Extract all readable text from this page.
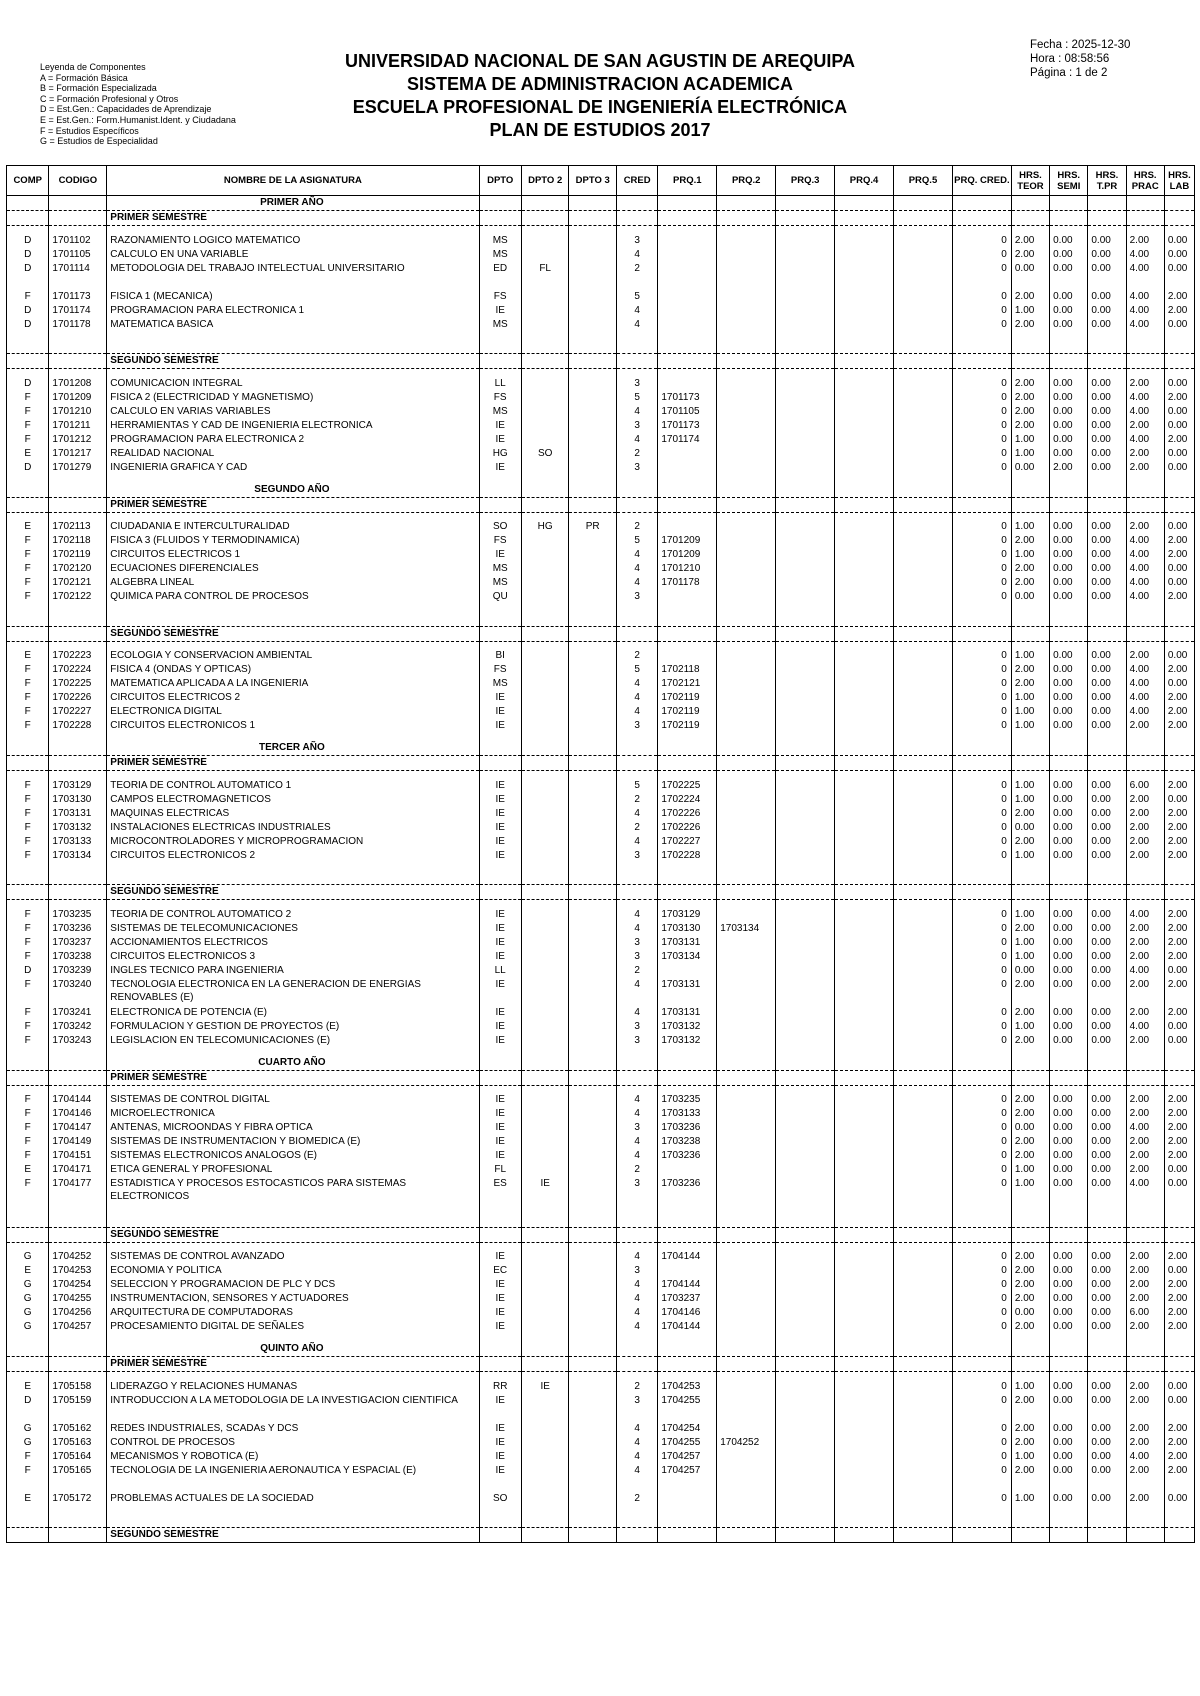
Leyenda de Componentes
A = Formación Básica
B = Formación Especializada
C = Formación Profesional y Otros
D = Est.Gen.: Capacidades de Aprendizaje
E = Est.Gen.: Form.Humanist.Ident. y Ciudadana
F = Estudios Específicos
G = Estudios de Especialidad
UNIVERSIDAD NACIONAL DE SAN AGUSTIN DE AREQUIPA
SISTEMA DE ADMINISTRACION ACADEMICA
ESCUELA PROFESIONAL DE INGENIERÍA ELECTRÓNICA
PLAN DE ESTUDIOS 2017
Fecha : 2025-12-30
Hora : 08:58:56
Página : 1 de 2
COMP	CODIGO	NOMBRE DE LA ASIGNATURA	DPTO	DPTO 2	DPTO 3	CRED	PRQ.1	PRQ.2	PRQ.3	PRQ.4	PRQ.5	PRQ. CRED.	HRS. TEOR	HRS. SEMI	HRS. T.PR	HRS. PRAC	HRS. LAB
		PRIMER AÑO															
		PRIMER SEMESTRE															

D	1701102	RAZONAMIENTO LOGICO MATEMATICO	MS			3						0	2.00	0.00	0.00	2.00	0.00
D	1701105	CALCULO EN UNA VARIABLE	MS			4						0	2.00	0.00	0.00	4.00	0.00
D	1701114	METODOLOGIA DEL TRABAJO INTELECTUAL UNIVERSITARIO	ED	FL		2						0	0.00	0.00	0.00	4.00	0.00
F	1701173	FISICA 1 (MECANICA)	FS			5						0	2.00	0.00	0.00	4.00	2.00
D	1701174	PROGRAMACION PARA ELECTRONICA 1	IE			4						0	1.00	0.00	0.00	4.00	2.00
D	1701178	MATEMATICA BASICA	MS			4						0	2.00	0.00	0.00	4.00	0.00

		SEGUNDO SEMESTRE															

D	1701208	COMUNICACION INTEGRAL	LL			3						0	2.00	0.00	0.00	2.00	0.00
F	1701209	FISICA 2 (ELECTRICIDAD Y MAGNETISMO)	FS			5	1701173					0	2.00	0.00	0.00	4.00	2.00
F	1701210	CALCULO EN VARIAS VARIABLES	MS			4	1701105					0	2.00	0.00	0.00	4.00	0.00
F	1701211	HERRAMIENTAS Y CAD DE INGENIERIA ELECTRONICA	IE			3	1701173					0	2.00	0.00	0.00	2.00	0.00
F	1701212	PROGRAMACION PARA ELECTRONICA 2	IE			4	1701174					0	1.00	0.00	0.00	4.00	2.00
E	1701217	REALIDAD NACIONAL	HG	SO		2						0	1.00	0.00	0.00	2.00	0.00
D	1701279	INGENIERIA GRAFICA Y CAD	IE			3						0	0.00	2.00	0.00	2.00	0.00

		SEGUNDO AÑO															
		PRIMER SEMESTRE															

E	1702113	CIUDADANIA E INTERCULTURALIDAD	SO	HG	PR	2						0	1.00	0.00	0.00	2.00	0.00
F	1702118	FISICA 3 (FLUIDOS Y TERMODINAMICA)	FS			5	1701209					0	2.00	0.00	0.00	4.00	2.00
F	1702119	CIRCUITOS ELECTRICOS 1	IE			4	1701209					0	1.00	0.00	0.00	4.00	2.00
F	1702120	ECUACIONES DIFERENCIALES	MS			4	1701210					0	2.00	0.00	0.00	4.00	0.00
F	1702121	ALGEBRA LINEAL	MS			4	1701178					0	2.00	0.00	0.00	4.00	0.00
F	1702122	QUIMICA PARA CONTROL DE PROCESOS	QU			3						0	0.00	0.00	0.00	4.00	2.00

		SEGUNDO SEMESTRE															

E	1702223	ECOLOGIA Y CONSERVACION AMBIENTAL	BI			2						0	1.00	0.00	0.00	2.00	0.00
F	1702224	FISICA 4 (ONDAS Y OPTICAS)	FS			5	1702118					0	2.00	0.00	0.00	4.00	2.00
F	1702225	MATEMATICA APLICADA A LA INGENIERIA	MS			4	1702121					0	2.00	0.00	0.00	4.00	0.00
F	1702226	CIRCUITOS ELECTRICOS 2	IE			4	1702119					0	1.00	0.00	0.00	4.00	2.00
F	1702227	ELECTRONICA DIGITAL	IE			4	1702119					0	1.00	0.00	0.00	4.00	2.00
F	1702228	CIRCUITOS ELECTRONICOS 1	IE			3	1702119					0	1.00	0.00	0.00	2.00	2.00

		TERCER AÑO															
		PRIMER SEMESTRE															

F	1703129	TEORIA DE CONTROL AUTOMATICO 1	IE			5	1702225					0	1.00	0.00	0.00	6.00	2.00
F	1703130	CAMPOS ELECTROMAGNETICOS	IE			2	1702224					0	1.00	0.00	0.00	2.00	0.00
F	1703131	MAQUINAS ELECTRICAS	IE			4	1702226					0	2.00	0.00	0.00	2.00	2.00
F	1703132	INSTALACIONES ELECTRICAS INDUSTRIALES	IE			2	1702226					0	0.00	0.00	0.00	2.00	2.00
F	1703133	MICROCONTROLADORES Y MICROPROGRAMACION	IE			4	1702227					0	2.00	0.00	0.00	2.00	2.00
F	1703134	CIRCUITOS ELECTRONICOS 2	IE			3	1702228					0	1.00	0.00	0.00	2.00	2.00

		SEGUNDO SEMESTRE															

F	1703235	TEORIA DE CONTROL AUTOMATICO 2	IE			4	1703129					0	1.00	0.00	0.00	4.00	2.00
F	1703236	SISTEMAS DE TELECOMUNICACIONES	IE			4	1703130	1703134				0	2.00	0.00	0.00	2.00	2.00
F	1703237	ACCIONAMIENTOS ELECTRICOS	IE			3	1703131					0	1.00	0.00	0.00	2.00	2.00
F	1703238	CIRCUITOS ELECTRONICOS 3	IE			3	1703134					0	1.00	0.00	0.00	2.00	2.00
D	1703239	INGLES TECNICO PARA INGENIERIA	LL			2						0	0.00	0.00	0.00	4.00	0.00
F	1703240	TECNOLOGIA ELECTRONICA EN LA GENERACION DE ENERGIAS RENOVABLES (E)	IE			4	1703131					0	2.00	0.00	0.00	2.00	2.00
F	1703241	ELECTRONICA DE POTENCIA (E)	IE			4	1703131					0	2.00	0.00	0.00	2.00	2.00
F	1703242	FORMULACION Y GESTION DE PROYECTOS (E)	IE			3	1703132					0	1.00	0.00	0.00	4.00	0.00
F	1703243	LEGISLACION EN TELECOMUNICACIONES (E)	IE			3	1703132					0	2.00	0.00	0.00	2.00	0.00

		CUARTO AÑO															
		PRIMER SEMESTRE															

F	1704144	SISTEMAS DE CONTROL DIGITAL	IE			4	1703235					0	2.00	0.00	0.00	2.00	2.00
F	1704146	MICROELECTRONICA	IE			4	1703133					0	2.00	0.00	0.00	2.00	2.00
F	1704147	ANTENAS, MICROONDAS Y FIBRA OPTICA	IE			3	1703236					0	0.00	0.00	0.00	4.00	2.00
F	1704149	SISTEMAS DE INSTRUMENTACION Y BIOMEDICA (E)	IE			4	1703238					0	2.00	0.00	0.00	2.00	2.00
F	1704151	SISTEMAS ELECTRONICOS ANALOGOS (E)	IE			4	1703236					0	2.00	0.00	0.00	2.00	2.00
E	1704171	ETICA GENERAL Y PROFESIONAL	FL			2						0	1.00	0.00	0.00	2.00	0.00
F	1704177	ESTADISTICA Y PROCESOS ESTOCASTICOS PARA SISTEMAS ELECTRONICOS	ES	IE		3	1703236					0	1.00	0.00	0.00	4.00	0.00

		SEGUNDO SEMESTRE															

G	1704252	SISTEMAS DE CONTROL AVANZADO	IE			4	1704144					0	2.00	0.00	0.00	2.00	2.00
E	1704253	ECONOMIA Y POLITICA	EC			3						0	2.00	0.00	0.00	2.00	0.00
G	1704254	SELECCION Y PROGRAMACION DE PLC Y DCS	IE			4	1704144					0	2.00	0.00	0.00	2.00	2.00
G	1704255	INSTRUMENTACION, SENSORES Y ACTUADORES	IE			4	1703237					0	2.00	0.00	0.00	2.00	2.00
G	1704256	ARQUITECTURA DE COMPUTADORAS	IE			4	1704146					0	0.00	0.00	0.00	6.00	2.00
G	1704257	PROCESAMIENTO DIGITAL DE SEÑALES	IE			4	1704144					0	2.00	0.00	0.00	2.00	2.00

		QUINTO AÑO															
		PRIMER SEMESTRE															

E	1705158	LIDERAZGO Y RELACIONES HUMANAS	RR	IE		2	1704253					0	1.00	0.00	0.00	2.00	0.00
D	1705159	INTRODUCCION A LA METODOLOGIA DE LA INVESTIGACION CIENTIFICA	IE			3	1704255					0	2.00	0.00	0.00	2.00	0.00
G	1705162	REDES INDUSTRIALES, SCADAs Y DCS	IE			4	1704254					0	2.00	0.00	0.00	2.00	2.00
G	1705163	CONTROL DE PROCESOS	IE			4	1704255	1704252				0	2.00	0.00	0.00	2.00	2.00
F	1705164	MECANISMOS Y ROBOTICA (E)	IE			4	1704257					0	1.00	0.00	0.00	4.00	2.00
F	1705165	TECNOLOGIA DE LA INGENIERIA AERONAUTICA Y ESPACIAL (E)	IE			4	1704257					0	2.00	0.00	0.00	2.00	2.00
E	1705172	PROBLEMAS ACTUALES DE LA SOCIEDAD	SO			2						0	1.00	0.00	0.00	2.00	0.00

		SEGUNDO SEMESTRE															
